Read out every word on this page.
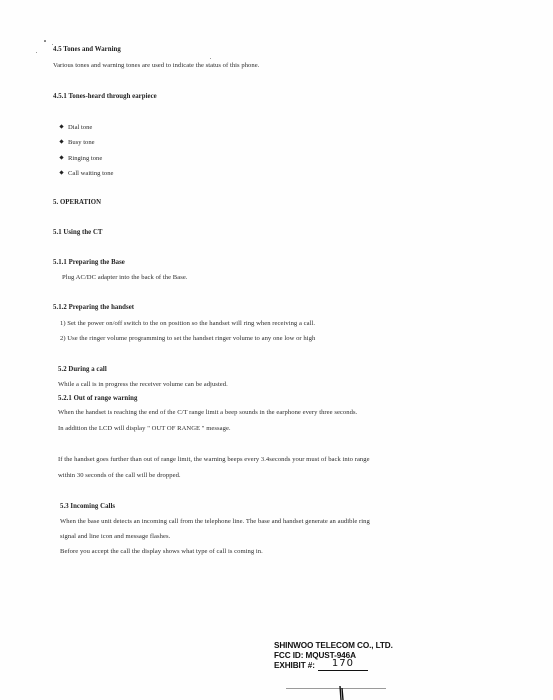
4.5 Tones and Warning
Various tones and warning tones are used to indicate the status of this phone.
4.5.1 Tones-heard through earpiece
Dial tone
Busy tone
Ringing tone
Call waiting tone
5. OPERATION
5.1 Using the CT
5.1.1 Preparing the Base
Plug AC/DC adapter into the back of the Base.
5.1.2 Preparing the handset
1) Set the power on/off switch to the on position so the handset will ring when receiving a call.
2) Use the ringer volume programming to set the handset ringer volume to any one low or high
5.2 During a call
While a call is in progress the receiver volume can be adjusted.
5.2.1 Out of range warning
When the handset is reaching the end of the C/T range limit a beep sounds in the earphone every three seconds.
In addition the LCD will display " OUT OF RANGE " message.
If the handset goes further than out of range limit, the warning beeps every 3.4seconds your must of back into range
within 30 seconds of the call will be dropped.
5.3 Incoming Calls
When the base unit detects an incoming call from the telephone line. The base and handset generate an audible ring
signal and line icon and message flashes.
Before you accept the call the display shows what type of call is coming in.
SHINWOO TELECOM CO., LTD.
FCC ID: MQUST-946A
EXHIBIT #: 170
